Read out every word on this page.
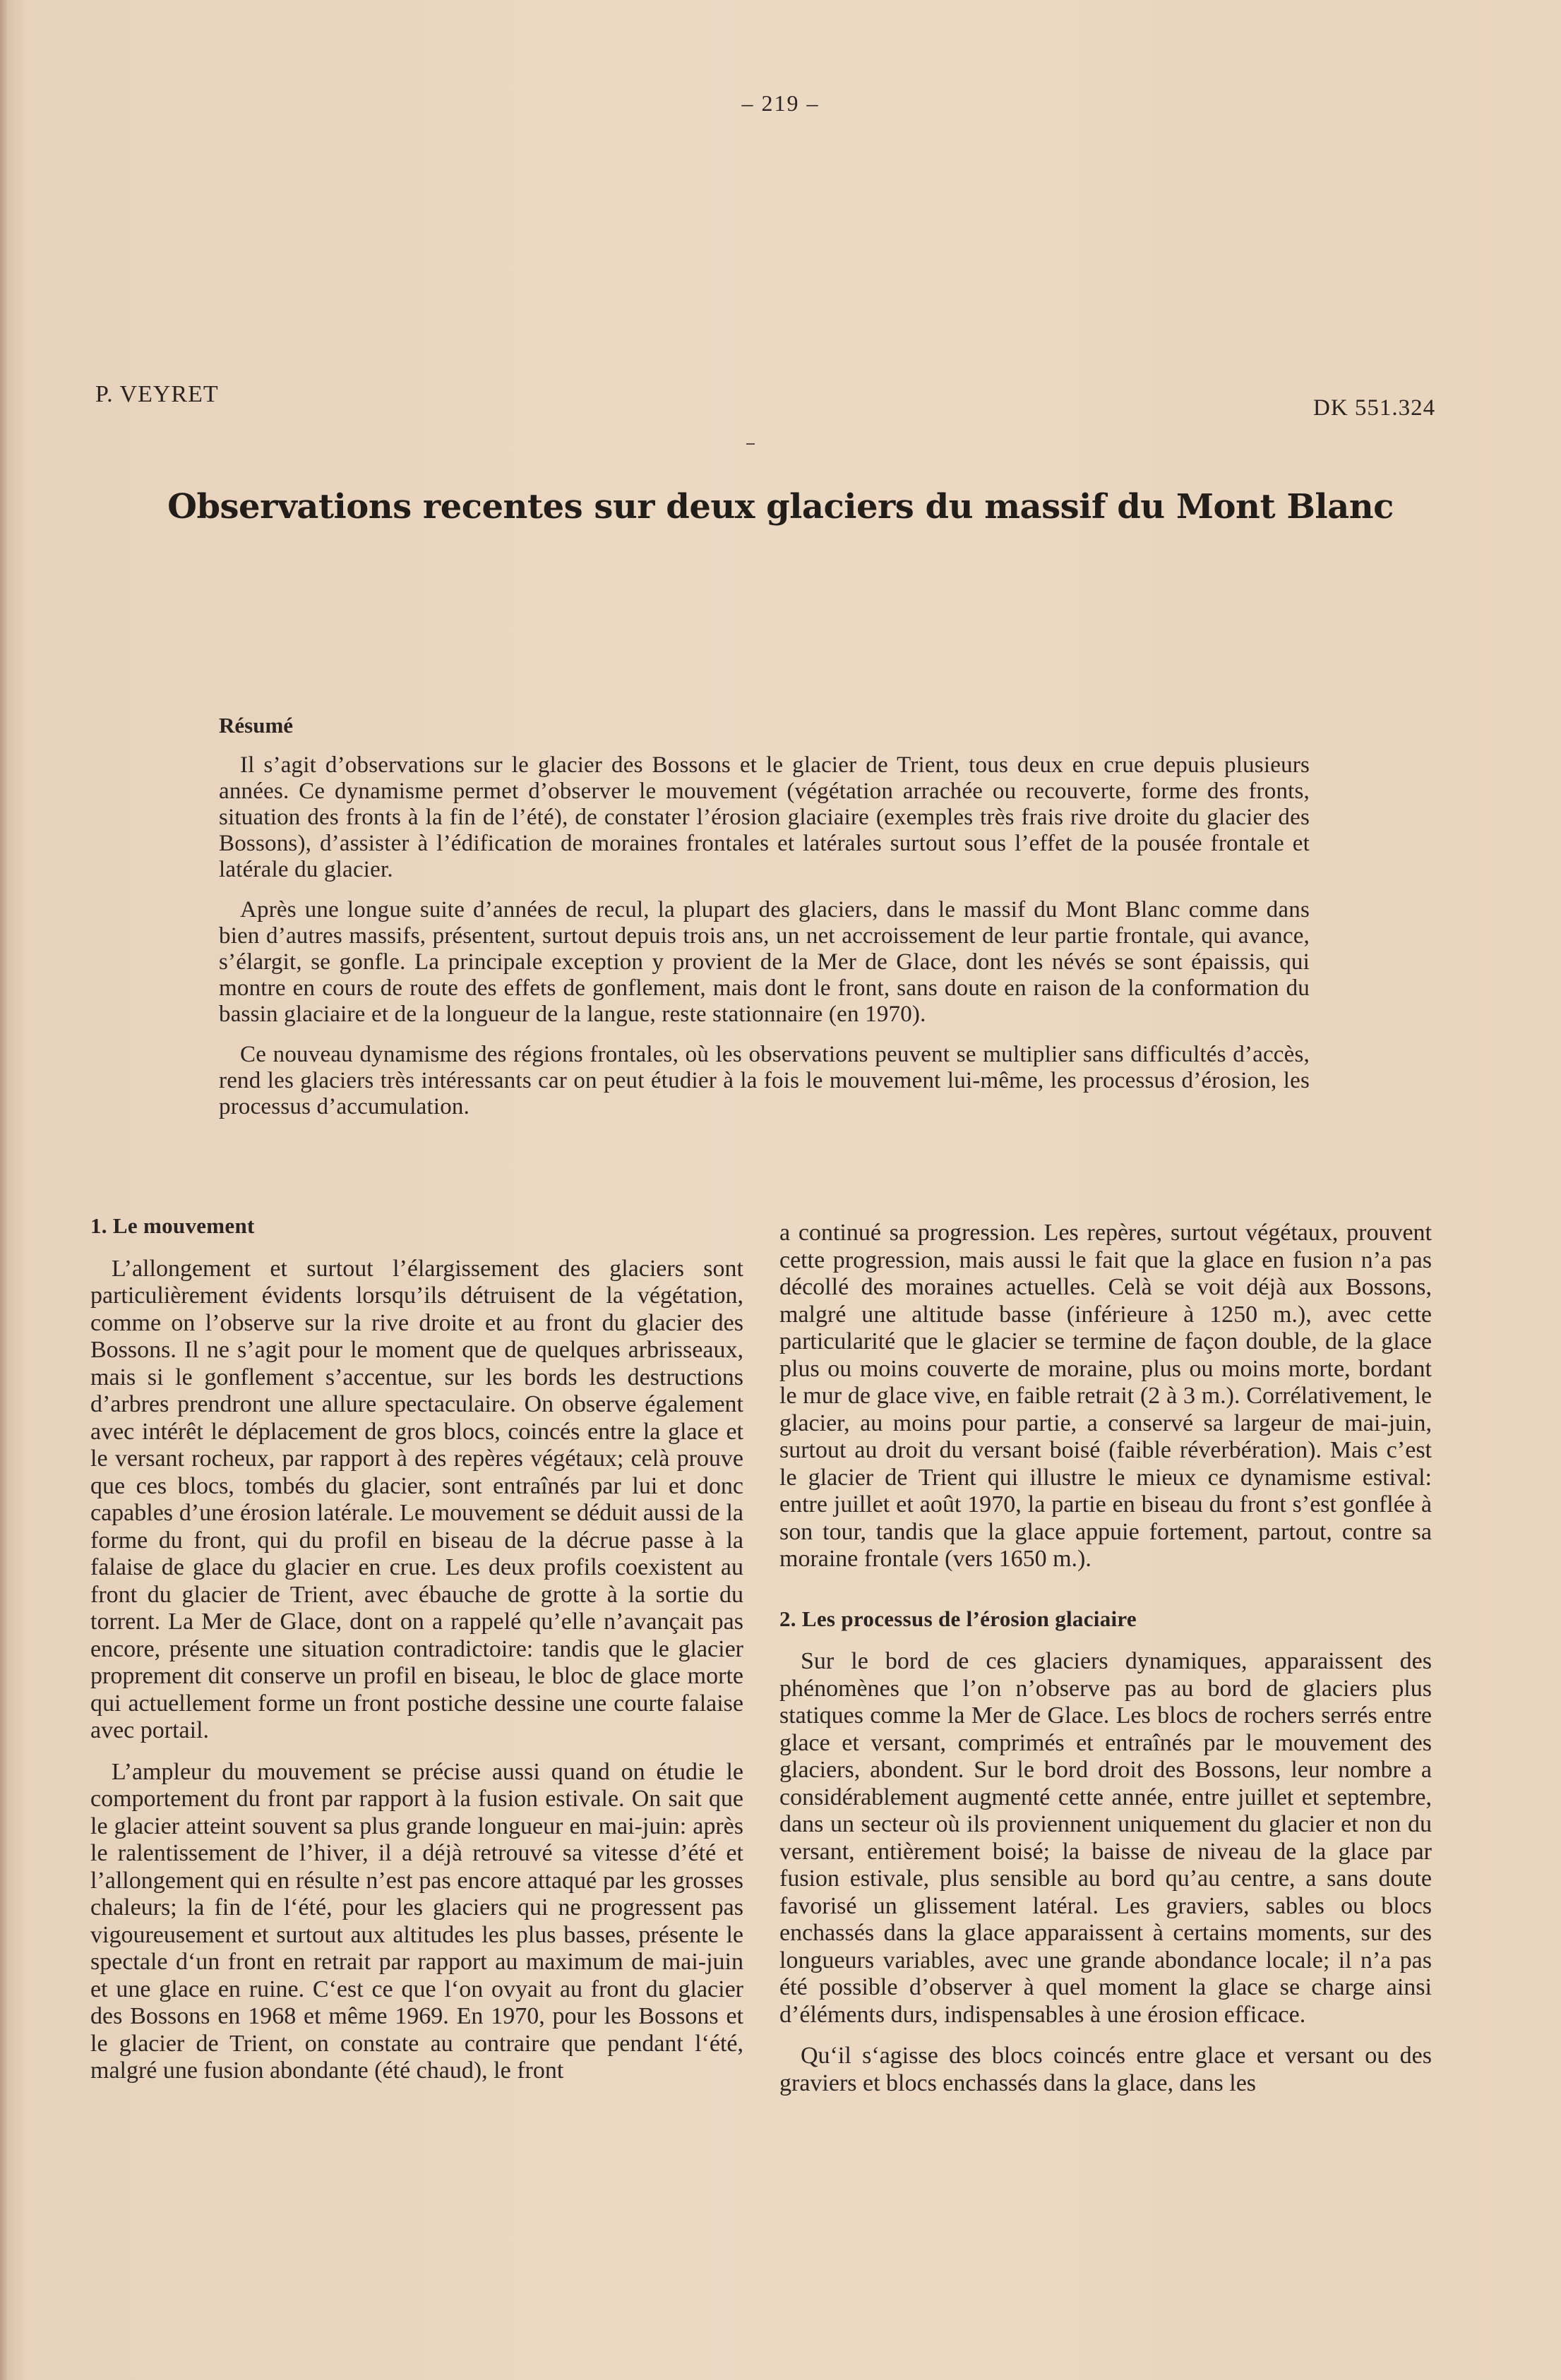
– 219 –
P. VEYRET
DK 551.324
Observations recentes sur deux glaciers du massif du Mont Blanc
Résumé

Il s’agit d’observations sur le glacier des Bossons et le glacier de Trient, tous deux en crue depuis plusieurs années. Ce dynamisme permet d’observer le mouvement (végétation arrachée ou recouverte, forme des fronts, situation des fronts à la fin de l’été), de constater l’érosion glaciaire (exemples très frais rive droite du glacier des Bossons), d’assister à l’édification de moraines frontales et latérales surtout sous l’effet de la pousée frontale et latérale du glacier.

Après une longue suite d’années de recul, la plupart des glaciers, dans le massif du Mont Blanc comme dans bien d’autres massifs, présentent, surtout depuis trois ans, un net accroissement de leur partie frontale, qui avance, s’élargit, se gonfle. La principale exception y provient de la Mer de Glace, dont les névés se sont épaissis, qui montre en cours de route des effets de gonflement, mais dont le front, sans doute en raison de la conformation du bassin glaciaire et de la longueur de la langue, reste stationnaire (en 1970).

Ce nouveau dynamisme des régions frontales, où les observations peuvent se multiplier sans difficultés d’accès, rend les glaciers très intéressants car on peut étudier à la fois le mouvement lui-même, les processus d’érosion, les processus d’accumulation.

1. Le mouvement

L’allongement et surtout l’élargissement des glaciers sont particulièrement évidents lorsqu’ils détruisent de la végétation, comme on l’observe sur la rive droite et au front du glacier des Bossons. Il ne s’agit pour le moment que de quelques arbrisseaux, mais si le gonflement s’accentue, sur les bords les destructions d’arbres prendront une allure spectaculaire. On observe également avec intérêt le déplacement de gros blocs, coincés entre la glace et le versant rocheux, par rapport à des repères végétaux; celà prouve que ces blocs, tombés du glacier, sont entraînés par lui et donc capables d’une érosion latérale. Le mouvement se déduit aussi de la forme du front, qui du profil en biseau de la décrue passe à la falaise de glace du glacier en crue. Les deux profils coexistent au front du glacier de Trient, avec ébauche de grotte à la sortie du torrent. La Mer de Glace, dont on a rappelé qu’elle n’avançait pas encore, présente une situation contradictoire: tandis que le glacier proprement dit conserve un profil en biseau, le bloc de glace morte qui actuellement forme un front postiche dessine une courte falaise avec portail.

L’ampleur du mouvement se précise aussi quand on étudie le comportement du front par rapport à la fusion estivale. On sait que le glacier atteint souvent sa plus grande longueur en mai-juin: après le ralentissement de l’hiver, il a déjà retrouvé sa vitesse d’été et l’allongement qui en résulte n’est pas encore attaqué par les grosses chaleurs; la fin de l‘été, pour les glaciers qui ne progressent pas vigoureusement et surtout aux altitudes les plus basses, présente le spectale d‘un front en retrait par rapport au maximum de mai-juin et une glace en ruine. C‘est ce que l‘on ovyait au front du glacier des Bossons en 1968 et même 1969. En 1970, pour les Bossons et le glacier de Trient, on constate au contraire que pendant l‘été, malgré une fusion abondante (été chaud), le front

a continué sa progression. Les repères, surtout végétaux, prouvent cette progression, mais aussi le fait que la glace en fusion n’a pas décollé des moraines actuelles. Celà se voit déjà aux Bossons, malgré une altitude basse (inférieure à 1250 m.), avec cette particularité que le glacier se termine de façon double, de la glace plus ou moins couverte de moraine, plus ou moins morte, bordant le mur de glace vive, en faible retrait (2 à 3 m.). Corrélativement, le glacier, au moins pour partie, a conservé sa largeur de mai-juin, surtout au droit du versant boisé (faible réverbération). Mais c’est le glacier de Trient qui illustre le mieux ce dynamisme estival: entre juillet et août 1970, la partie en biseau du front s’est gonflée à son tour, tandis que la glace appuie fortement, partout, contre sa moraine frontale (vers 1650 m.).

2. Les processus de l’érosion glaciaire

Sur le bord de ces glaciers dynamiques, apparaissent des phénomènes que l’on n’observe pas au bord de glaciers plus statiques comme la Mer de Glace. Les blocs de rochers serrés entre glace et versant, comprimés et entraînés par le mouvement des glaciers, abondent. Sur le bord droit des Bossons, leur nombre a considérablement augmenté cette année, entre juillet et septembre, dans un secteur où ils proviennent uniquement du glacier et non du versant, entièrement boisé; la baisse de niveau de la glace par fusion estivale, plus sensible au bord qu’au centre, a sans doute favorisé un glissement latéral. Les graviers, sables ou blocs enchassés dans la glace apparaissent à certains moments, sur des longueurs variables, avec une grande abondance locale; il n’a pas été possible d’observer à quel moment la glace se charge ainsi d’éléments durs, indispensables à une érosion efficace.

Qu‘il s‘agisse des blocs coincés entre glace et versant ou des graviers et blocs enchassés dans la glace, dans les
